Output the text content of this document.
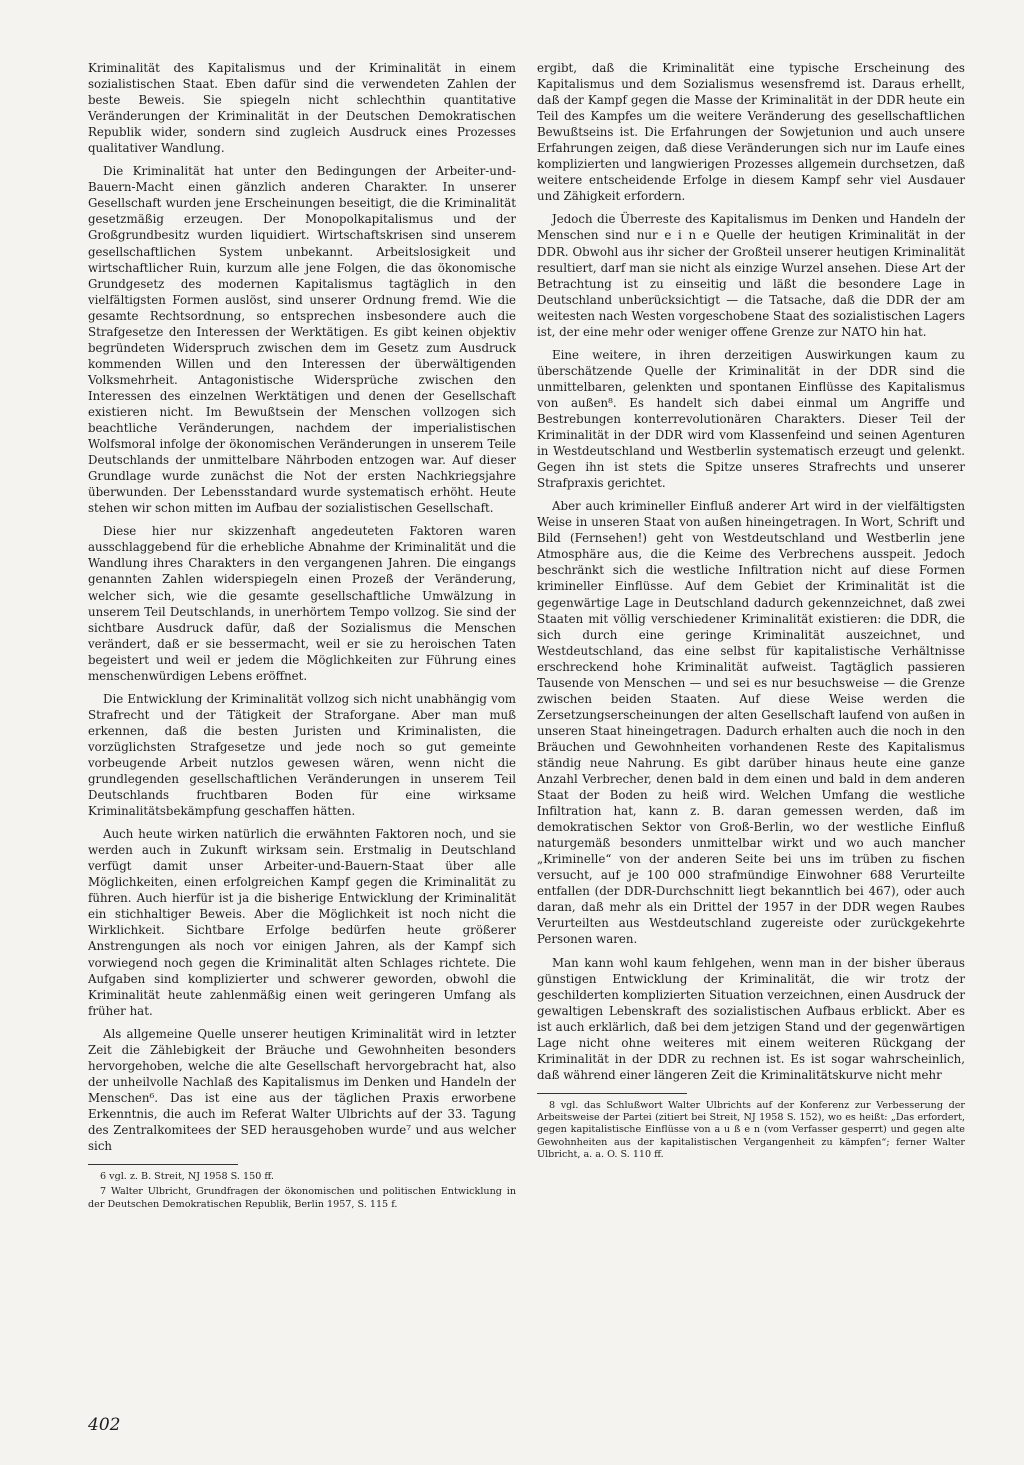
Kriminalität des Kapitalismus und der Kriminalität in einem sozialistischen Staat. Eben dafür sind die verwendeten Zahlen der beste Beweis. Sie spiegeln nicht schlechthin quantitative Veränderungen der Kriminalität in der Deutschen Demokratischen Republik wider, sondern sind zugleich Ausdruck eines Prozesses qualitativer Wandlung.

Die Kriminalität hat unter den Bedingungen der Arbeiter-und-Bauern-Macht einen gänzlich anderen Charakter. In unserer Gesellschaft wurden jene Erscheinungen beseitigt, die die Kriminalität gesetzmäßig erzeugen. Der Monopolkapitalismus und der Großgrundbesitz wurden liquidiert. Wirtschaftskrisen sind unserem gesellschaftlichen System unbekannt. Arbeitslosigkeit und wirtschaftlicher Ruin, kurzum alle jene Folgen, die das ökonomische Grundgesetz des modernen Kapitalismus tagtäglich in den vielfältigsten Formen auslöst, sind unserer Ordnung fremd. Wie die gesamte Rechtsordnung, so entsprechen insbesondere auch die Strafgesetze den Interessen der Werktätigen. Es gibt keinen objektiv begründeten Widerspruch zwischen dem im Gesetz zum Ausdruck kommenden Willen und den Interessen der überwältigenden Volksmehrheit. Antagonistische Widersprüche zwischen den Interessen des einzelnen Werktätigen und denen der Gesellschaft existieren nicht. Im Bewußtsein der Menschen vollzogen sich beachtliche Veränderungen, nachdem der imperialistischen Wolfsmoral infolge der ökonomischen Veränderungen in unserem Teile Deutschlands der unmittelbare Nährboden entzogen war. Auf dieser Grundlage wurde zunächst die Not der ersten Nachkriegsjahre überwunden. Der Lebensstandard wurde systematisch erhöht. Heute stehen wir schon mitten im Aufbau der sozialistischen Gesellschaft.

Diese hier nur skizzenhaft angedeuteten Faktoren waren ausschlaggebend für die erhebliche Abnahme der Kriminalität und die Wandlung ihres Charakters in den vergangenen Jahren. Die eingangs genannten Zahlen widerspiegeln einen Prozeß der Veränderung, welcher sich, wie die gesamte gesellschaftliche Umwälzung in unserem Teil Deutschlands, in unerhörtem Tempo vollzog. Sie sind der sichtbare Ausdruck dafür, daß der Sozialismus die Menschen verändert, daß er sie bessermacht, weil er sie zu heroischen Taten begeistert und weil er jedem die Möglichkeiten zur Führung eines menschenwürdigen Lebens eröffnet.

Die Entwicklung der Kriminalität vollzog sich nicht unabhängig vom Strafrecht und der Tätigkeit der Straforgane. Aber man muß erkennen, daß die besten Juristen und Kriminalisten, die vorzüglichsten Strafgesetze und jede noch so gut gemeinte vorbeugende Arbeit nutzlos gewesen wären, wenn nicht die grundlegenden gesellschaftlichen Veränderungen in unserem Teil Deutschlands fruchtbaren Boden für eine wirksame Kriminalitätsbekämpfung geschaffen hätten.

Auch heute wirken natürlich die erwähnten Faktoren noch, und sie werden auch in Zukunft wirksam sein. Erstmalig in Deutschland verfügt damit unser Arbeiter-und-Bauern-Staat über alle Möglichkeiten, einen erfolgreichen Kampf gegen die Kriminalität zu führen. Auch hierfür ist ja die bisherige Entwicklung der Kriminalität ein stichhaltiger Beweis. Aber die Möglichkeit ist noch nicht die Wirklichkeit. Sichtbare Erfolge bedürfen heute größerer Anstrengungen als noch vor einigen Jahren, als der Kampf sich vorwiegend noch gegen die Kriminalität alten Schlages richtete. Die Aufgaben sind komplizierter und schwerer geworden, obwohl die Kriminalität heute zahlenmäßig einen weit geringeren Umfang als früher hat.

Als allgemeine Quelle unserer heutigen Kriminalität wird in letzter Zeit die Zählebigkeit der Bräuche und Gewohnheiten besonders hervorgehoben, welche die alte Gesellschaft hervorgebracht hat, also der unheilvolle Nachlaß des Kapitalismus im Denken und Handeln der Menschen⁶. Das ist eine aus der täglichen Praxis erworbene Erkenntnis, die auch im Referat Walter Ulbrichts auf der 33. Tagung des Zentralkomitees der SED herausgehoben wurde⁷ und aus welcher sich

6 vgl. z. B. Streit, NJ 1958 S. 150 ff.

7 Walter Ulbricht, Grundfragen der ökonomischen und politischen Entwicklung in der Deutschen Demokratischen Republik, Berlin 1957, S. 115 f.

ergibt, daß die Kriminalität eine typische Erscheinung des Kapitalismus und dem Sozialismus wesensfremd ist. Daraus erhellt, daß der Kampf gegen die Masse der Kriminalität in der DDR heute ein Teil des Kampfes um die weitere Veränderung des gesellschaftlichen Bewußtseins ist. Die Erfahrungen der Sowjetunion und auch unsere Erfahrungen zeigen, daß diese Veränderungen sich nur im Laufe eines komplizierten und langwierigen Prozesses allgemein durchsetzen, daß weitere entscheidende Erfolge in diesem Kampf sehr viel Ausdauer und Zähigkeit erfordern.

Jedoch die Überreste des Kapitalismus im Denken und Handeln der Menschen sind nur e i n e Quelle der heutigen Kriminalität in der DDR. Obwohl aus ihr sicher der Großteil unserer heutigen Kriminalität resultiert, darf man sie nicht als einzige Wurzel ansehen. Diese Art der Betrachtung ist zu einseitig und läßt die besondere Lage in Deutschland unberücksichtigt — die Tatsache, daß die DDR der am weitesten nach Westen vorgeschobene Staat des sozialistischen Lagers ist, der eine mehr oder weniger offene Grenze zur NATO hin hat.

Eine weitere, in ihren derzeitigen Auswirkungen kaum zu überschätzende Quelle der Kriminalität in der DDR sind die unmittelbaren, gelenkten und spontanen Einflüsse des Kapitalismus von außen⁸. Es handelt sich dabei einmal um Angriffe und Bestrebungen konterrevolutionären Charakters. Dieser Teil der Kriminalität in der DDR wird vom Klassenfeind und seinen Agenturen in Westdeutschland und Westberlin systematisch erzeugt und gelenkt. Gegen ihn ist stets die Spitze unseres Strafrechts und unserer Strafpraxis gerichtet.

Aber auch krimineller Einfluß anderer Art wird in der vielfältigsten Weise in unseren Staat von außen hineingetragen. In Wort, Schrift und Bild (Fernsehen!) geht von Westdeutschland und Westberlin jene Atmosphäre aus, die die Keime des Verbrechens ausspeit. Jedoch beschränkt sich die westliche Infiltration nicht auf diese Formen krimineller Einflüsse. Auf dem Gebiet der Kriminalität ist die gegenwärtige Lage in Deutschland dadurch gekennzeichnet, daß zwei Staaten mit völlig verschiedener Kriminalität existieren: die DDR, die sich durch eine geringe Kriminalität auszeichnet, und Westdeutschland, das eine selbst für kapitalistische Verhältnisse erschreckend hohe Kriminalität aufweist. Tagtäglich passieren Tausende von Menschen — und sei es nur besuchsweise — die Grenze zwischen beiden Staaten. Auf diese Weise werden die Zersetzungserscheinungen der alten Gesellschaft laufend von außen in unseren Staat hineingetragen. Dadurch erhalten auch die noch in den Bräuchen und Gewohnheiten vorhandenen Reste des Kapitalismus ständig neue Nahrung. Es gibt darüber hinaus heute eine ganze Anzahl Verbrecher, denen bald in dem einen und bald in dem anderen Staat der Boden zu heiß wird. Welchen Umfang die westliche Infiltration hat, kann z. B. daran gemessen werden, daß im demokratischen Sektor von Groß-Berlin, wo der westliche Einfluß naturgemäß besonders unmittelbar wirkt und wo auch mancher „Kriminelle“ von der anderen Seite bei uns im trüben zu fischen versucht, auf je 100 000 strafmündige Einwohner 688 Verurteilte entfallen (der DDR-Durchschnitt liegt bekanntlich bei 467), oder auch daran, daß mehr als ein Drittel der 1957 in der DDR wegen Raubes Verurteilten aus Westdeutschland zugereiste oder zurückgekehrte Personen waren.

Man kann wohl kaum fehlgehen, wenn man in der bisher überaus günstigen Entwicklung der Kriminalität, die wir trotz der geschilderten komplizierten Situation verzeichnen, einen Ausdruck der gewaltigen Lebenskraft des sozialistischen Aufbaus erblickt. Aber es ist auch erklärlich, daß bei dem jetzigen Stand und der gegenwärtigen Lage nicht ohne weiteres mit einem weiteren Rückgang der Kriminalität in der DDR zu rechnen ist. Es ist sogar wahrscheinlich, daß während einer längeren Zeit die Kriminalitätskurve nicht mehr

8 vgl. das Schlußwort Walter Ulbrichts auf der Konferenz zur Verbesserung der Arbeitsweise der Partei (zitiert bei Streit, NJ 1958 S. 152), wo es heißt: „Das erfordert, gegen kapitalistische Einflüsse von a u ß e n (vom Verfasser gesperrt) und gegen alte Gewohnheiten aus der kapitalistischen Vergangenheit zu kämpfen“; ferner Walter Ulbricht, a. a. O. S. 110 ff.

402
